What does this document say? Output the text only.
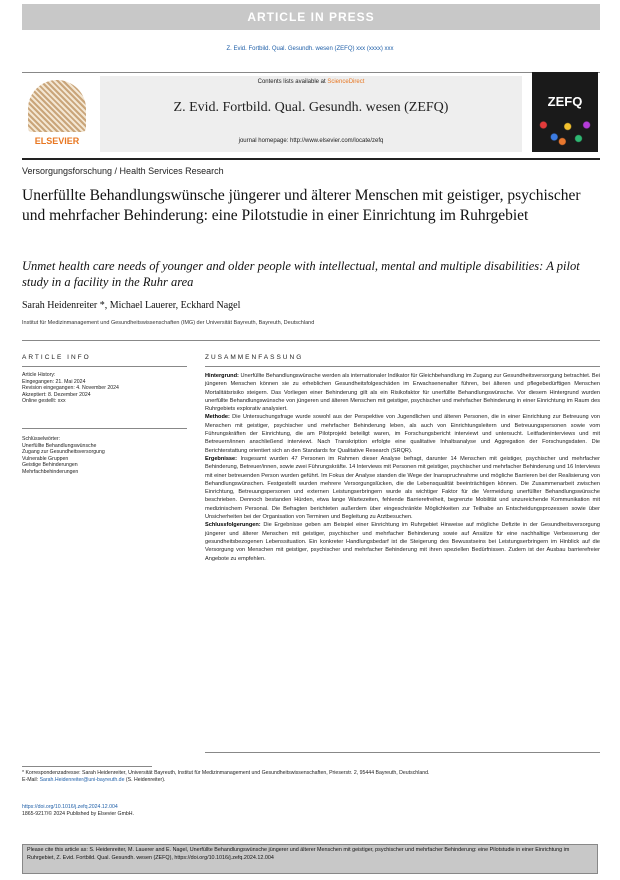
ARTICLE IN PRESS
Z. Evid. Fortbild. Qual. Gesundh. wesen (ZEFQ) xxx (xxxx) xxx
ELSEVIER
Contents lists available at ScienceDirect
Z. Evid. Fortbild. Qual. Gesundh. wesen (ZEFQ)
journal homepage: http://www.elsevier.com/locate/zefq
ZEFQ
Versorgungsforschung / Health Services Research
Unerfüllte Behandlungswünsche jüngerer und älterer Menschen mit geistiger, psychischer und mehrfacher Behinderung: eine Pilotstudie in einer Einrichtung im Ruhrgebiet
Unmet health care needs of younger and older people with intellectual, mental and multiple disabilities: A pilot study in a facility in the Ruhr area
Sarah Heidenreiter *, Michael Lauerer, Eckhard Nagel
Institut für Medizinmanagement und Gesundheitswissenschaften (IMG) der Universität Bayreuth, Bayreuth, Deutschland
ARTICLE INFO	ZUSAMMENFASSUNG
Article History:
Eingegangen: 21. Mai 2024
Revision eingegangen: 4. November 2024
Akzeptiert: 8. Dezember 2024
Online gestellt: xxx
Schlüsselwörter:
Unerfüllte Behandlungswünsche
Zugang zur Gesundheitsversorgung
Vulnerable Gruppen
Geistige Behinderungen
Mehrfachbehinderungen
Hintergrund: Unerfüllte Behandlungswünsche werden als internationaler Indikator für Gleichbehandlung im Zugang zur Gesundheitsversorgung betrachtet. Bei jüngeren Menschen können sie zu erheblichen Gesundheitsfolgeschäden im Erwachsenenalter führen, bei älteren und pflegebedürftigen Menschen Mortalitätsrisiko steigern. Das Vorliegen einer Behinderung gilt als ein Risikofaktor für unerfüllte Behandlungswünsche. Vor diesem Hintergrund wurden unerfüllte Behandlungswünsche von jüngeren und älteren Menschen mit geistiger, psychischer und mehrfacher Behinderung in einer Einrichtung im Raum des Ruhrgebiets explorativ analysiert.
Methode: Die Untersuchungsfrage wurde sowohl aus der Perspektive von Jugendlichen und älteren Personen, die in einer Einrichtung zur Betreuung von Menschen mit geistiger, psychischer und mehrfacher Behinderung leben, als auch von Einrichtungsleitern und Betreuungspersonen sowie vom Führungskräften der Einrichtung, die am Pilotprojekt beteiligt waren, im Forschungsbericht interviewt und untersucht. Leitfadeninterviews und mit Betreuern/innen anschließend interviewt. Nach Transkription erfolgte eine qualitative Inhaltsanalyse und Aggregation der Forschungsdaten. Die Berichterstattung orientiert sich an den Standards for Qualitative Research (SRQR).
Ergebnisse: Insgesamt wurden 47 Personen im Rahmen dieser Analyse befragt, darunter 14 Menschen mit geistiger, psychischer und mehrfacher Behinderung, Betreuer/innen, sowie zwei Führungskräfte. 14 Interviews mit Personen mit geistiger, psychischer und mehrfacher Behinderung und 16 Interviews mit einer betreuenden Person wurden geführt. Im Fokus der Analyse standen die Wege der Inanspruchnahme und mögliche Barrieren bei der Realisierung von Behandlungswünschen. Festgestellt wurden mehrere Versorgungslücken, die die Lebensqualität beeinträchtigen können. Die Zusammenarbeit zwischen Einrichtung, Betreuungspersonen und externen Leistungserbringern wurde als wichtiger Faktor für die Vermeidung unerfüllter Behandlungswünsche beschrieben. Dennoch bestanden Hürden, etwa lange Wartezeiten, fehlende Barrierefreiheit, begrenzte Mobilität und unzureichende Kommunikation mit medizinischem Personal. Die Befragten berichteten außerdem über eingeschränkte Möglichkeiten zur Teilhabe an Entscheidungsprozessen sowie über Unsicherheiten bei der Organisation von Terminen und Begleitung zu Arztbesuchen.
Schlussfolgerungen: Die Ergebnisse geben am Beispiel einer Einrichtung im Ruhrgebiet Hinweise auf mögliche Defizite in der Gesundheitsversorgung jüngerer und älterer Menschen mit geistiger, psychischer und mehrfacher Behinderung sowie auf Ansätze für eine nachhaltige Verbesserung der gesundheitsbezogenen Lebenssituation. Ein konkreter Handlungsbedarf ist die Steigerung des Bewusstseins bei Leistungserbringern im Hinblick auf die Versorgung von Menschen mit geistiger, psychischer und mehrfacher Behinderung mit ihren speziellen Bedürfnissen. Zudem ist der Ausbau barrierefreier Angebote zu empfehlen.
* Korrespondenzadresse: Sarah Heidenreiter, Universität Bayreuth, Institut für Medizinmanagement und Gesundheitswissenschaften, Prieserstr. 2, 95444 Bayreuth, Deutschland.
E-Mail: Sarah.Heidenreiter@uni-bayreuth.de (S. Heidenreiter).
https://doi.org/10.1016/j.zefq.2024.12.004
1865-9217/© 2024 Published by Elsevier GmbH.
Please cite this article as: S. Heidenreiter, M. Lauerer and E. Nagel, Unerfüllte Behandlungswünsche jüngerer und älterer Menschen mit geistiger, psychischer und mehrfacher Behinderung: eine Pilotstudie in einer Einrichtung im Ruhrgebiet, Z. Evid. Fortbild. Qual. Gesundh. wesen (ZEFQ), https://doi.org/10.1016/j.zefq.2024.12.004
